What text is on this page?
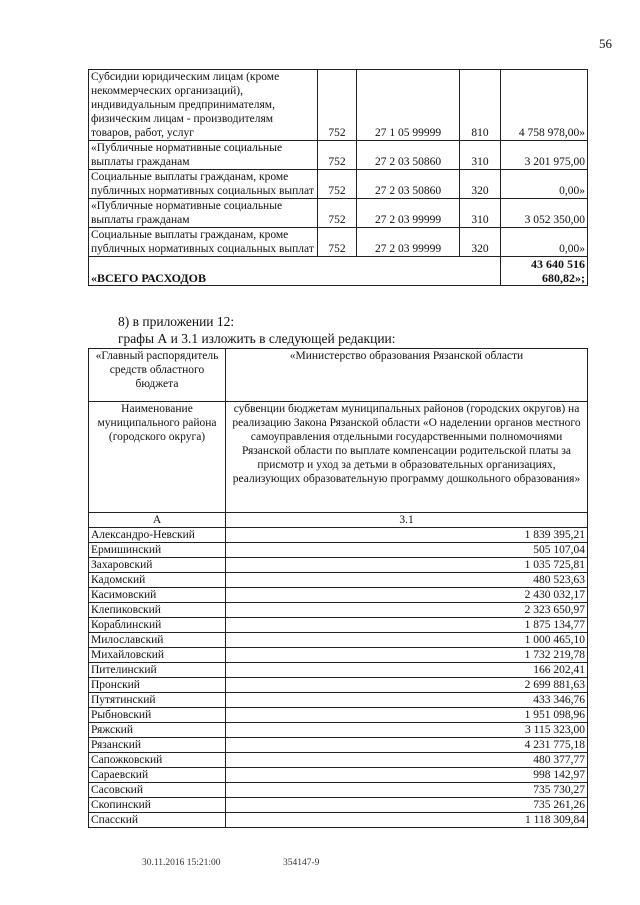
56
Субсидии юридическим лицам (кроме некоммерческих организаций), индивидуальным предпринимателям, физическим лицам - производителям товаров, работ, услуг	752	27 1 05 99999	810	4 758 978,00»
«Публичные нормативные социальные выплаты гражданам	752	27 2 03 50860	310	3 201 975,00
Социальные выплаты гражданам, кроме публичных нормативных социальных выплат	752	27 2 03 50860	320	0,00»
«Публичные нормативные социальные выплаты гражданам	752	27 2 03 99999	310	3 052 350,00
Социальные выплаты гражданам, кроме публичных нормативных социальных выплат	752	27 2 03 99999	320	0,00»
«ВСЕГО РАСХОДОВ				43 640 516 680,82»;
8) в приложении 12:
графы А и 3.1 изложить в следующей редакции:
«Главный распорядитель средств областного бюджета	«Министерство образования Рязанской области
Наименование муниципального района (городского округа)	субвенции бюджетам муниципальных районов (городских округов) на реализацию Закона Рязанской области «О наделении органов местного самоуправления отдельными государственными полномочиями Рязанской области по выплате компенсации родительской платы за присмотр и уход за детьми в образовательных организациях, реализующих образовательную программу дошкольного образования»
А	3.1
Александро-Невский	1 839 395,21
Ермишинский	505 107,04
Захаровский	1 035 725,81
Кадомский	480 523,63
Касимовский	2 430 032,17
Клепиковский	2 323 650,97
Кораблинский	1 875 134,77
Милославский	1 000 465,10
Михайловский	1 732 219,78
Пителинский	166 202,41
Пронский	2 699 881,63
Путятинский	433 346,76
Рыбновский	1 951 098,96
Ряжский	3 115 323,00
Рязанский	4 231 775,18
Сапожковский	480 377,77
Сараевский	998 142,97
Сасовский	735 730,27
Скопинский	735 261,26
Спасский	1 118 309,84
30.11.2016 15:21:00	354147-9
